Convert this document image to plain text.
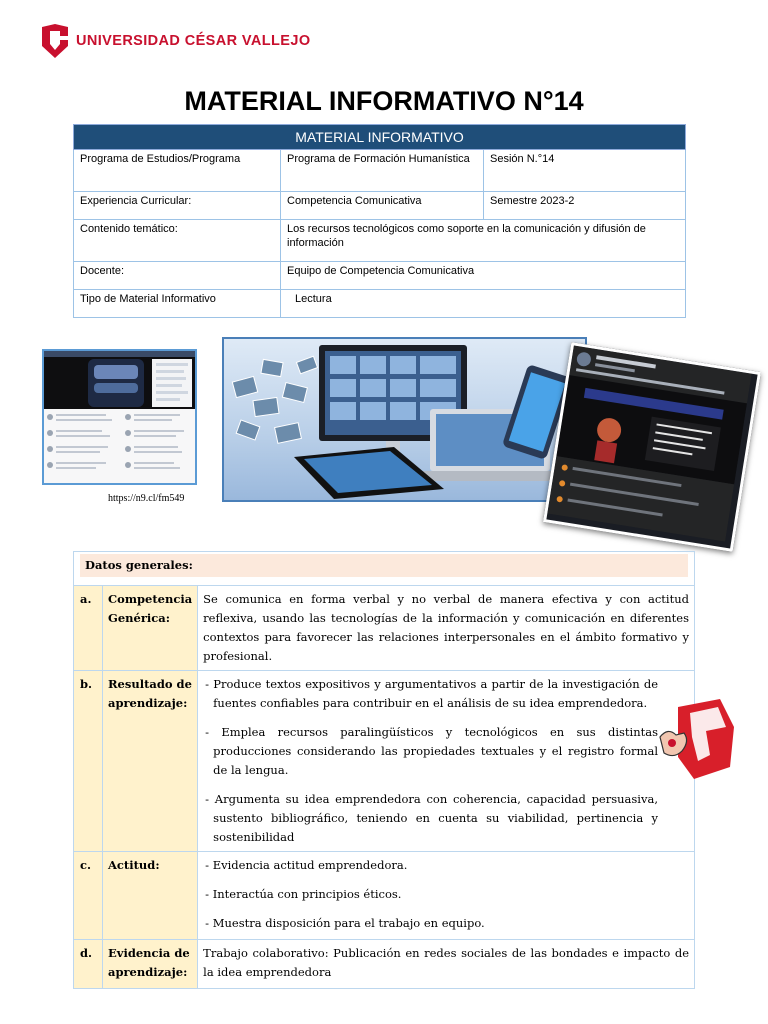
UNIVERSIDAD CÉSAR VALLEJO
MATERIAL INFORMATIVO N°14
MATERIAL INFORMATIVO		
Programa de Estudios/Programa	Programa de Formación Humanística	Sesión N.°14
Experiencia Curricular:	Competencia Comunicativa	Semestre 2023-2
Contenido temático:	Los recursos tecnológicos como soporte en la comunicación y difusión de información	
Docente:	Equipo de Competencia Comunicativa	
Tipo de Material Informativo	Lectura	
https://n9.cl/fm549
Datos generales:		

a.	Competencia Genérica:	Se comunica en forma verbal y no verbal de manera efectiva y con actitud reflexiva, usando las tecnologías de la información y comunicación en diferentes contextos para favorecer las relaciones interpersonales en el ámbito formativo y profesional.
b.	Resultado de aprendizaje:	- Produce textos expositivos y argumentativos a partir de la investigación de fuentes confiables para contribuir en el análisis de su idea emprendedora.
- Emplea recursos paralingüísticos y tecnológicos en sus distintas producciones considerando las propiedades textuales y el registro formal de la lengua.
- Argumenta su idea emprendedora con coherencia, capacidad persuasiva, sustento bibliográfico, teniendo en cuenta su viabilidad, pertinencia y sostenibilidad

c.	Actitud:	- Evidencia actitud emprendedora.
- Interactúa con principios éticos.
- Muestra disposición para el trabajo en equipo.

d.	Evidencia de aprendizaje:	Trabajo colaborativo: Publicación en redes sociales de las bondades e impacto de la idea emprendedora
